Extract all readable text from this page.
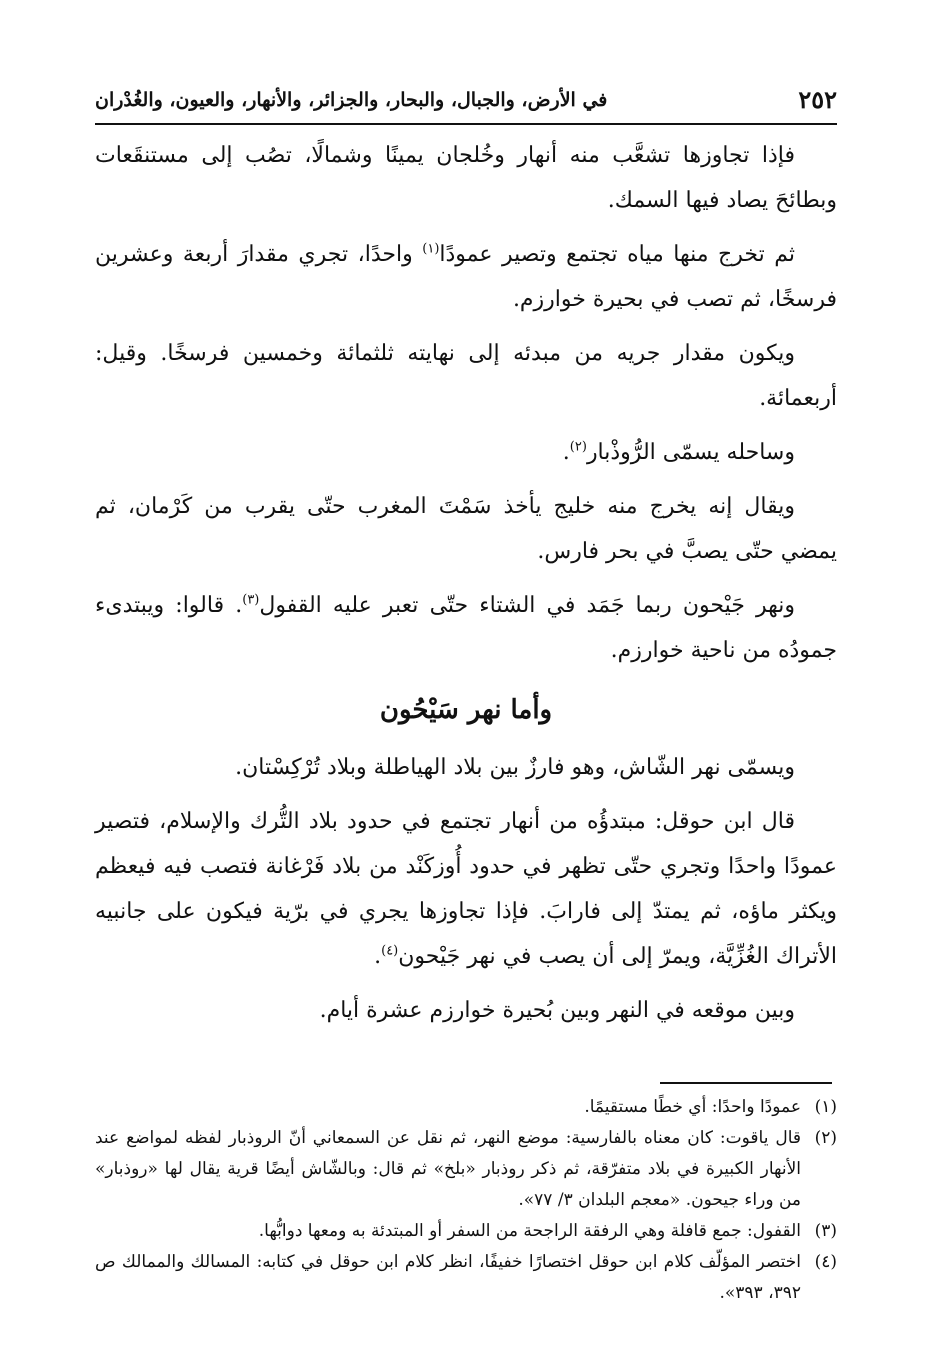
٢٥٢
في الأرض، والجبال، والبحار، والجزائر، والأنهار، والعيون، والغُدْران

فإذا تجاوزها تشعَّب منه أنهار وخُلجان يمينًا وشمالًا، تصُب إلى مستنقَعات وبطائحَ يصاد فيها السمك.

ثم تخرج منها مياه تجتمع وتصير عمودًا$^{(١)}$ واحدًا، تجري مقدارَ أربعة وعشرين فرسخًا، ثم تصب في بحيرة خوارزم.

ويكون مقدار جريه من مبدئه إلى نهايته ثلثمائة وخمسين فرسخًا. وقيل: أربعمائة.

وساحله يسمّى الرُّوذْبار$^{(٢)}$.

ويقال إنه يخرج منه خليج يأخذ سَمْتَ المغرب حتّى يقرب من كَرْمان، ثم يمضي حتّى يصبَّ في بحر فارس.

ونهر جَيْحون ربما جَمَد في الشتاء حتّى تعبر عليه القفول$^{(٣)}$. قالوا: ويبتدىء جمودُه من ناحية خوارزم.

وأما نهر سَيْحُون

ويسمّى نهر الشّاش، وهو فارزٌ بين بلاد الهياطلة وبلاد تُرْكِسْتان.

قال ابن حوقل: مبتدؤُه من أنهار تجتمع في حدود بلاد التُّرك والإسلام، فتصير عمودًا واحدًا وتجري حتّى تظهر في حدود أُوزكَنْد من بلاد فَرْغانة فتصب فيه فيعظم ويكثر ماؤه، ثم يمتدّ إلى فارابَ. فإذا تجاوزها يجري في برّية فيكون على جانبيه الأتراك الغُزِّيَّة، ويمرّ إلى أن يصب في نهر جَيْحون$^{(٤)}$.

وبين موقعه في النهر وبين بُحيرة خوارزم عشرة أيام.

(١)
عمودًا واحدًا: أي خطًا مستقيمًا.
(٢)
قال ياقوت: كان معناه بالفارسية: موضع النهر، ثم نقل عن السمعاني أنّ الروذبار لفظه لمواضع عند الأنهار الكبيرة في بلاد متفرّقة، ثم ذكر روذبار «بلخ» ثم قال: وبالشّاش أيضًا قرية يقال لها «روذبار» من وراء جيحون. «معجم البلدان ٣/ ٧٧».
(٣)
القفول: جمع قافلة وهي الرفقة الراجحة من السفر أو المبتدئة به ومعها دوابُّها.
(٤)
اختصر المؤلّف كلام ابن حوقل اختصارًا خفيفًا، انظر كلام ابن حوقل في كتابه: المسالك والممالك ص ٣٩٢، ٣٩٣».
